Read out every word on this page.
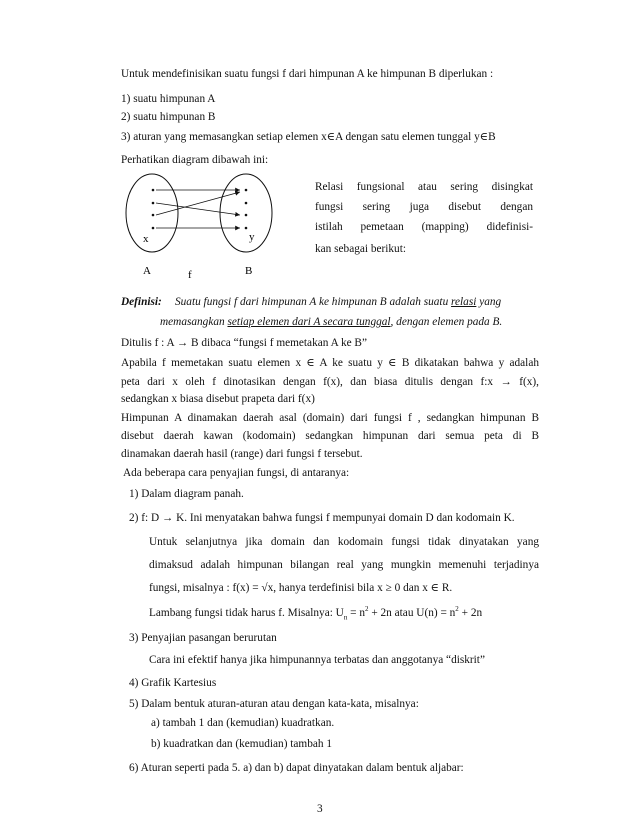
Untuk mendefinisikan suatu fungsi f dari himpunan A ke himpunan B diperlukan :
1) suatu himpunan A
2) suatu himpunan B
3) aturan yang memasangkan setiap elemen x∈A dengan satu elemen tunggal y∈B
Perhatikan diagram dibawah ini:
x	y
A	B
f
Relasi fungsional atau sering disingkat
fungsi sering juga disebut dengan
istilah pemetaan (mapping) didefinisi-
kan sebagai berikut:
Definisi: Suatu fungsi f dari himpunan A ke himpunan B adalah suatu relasi yang
memasangkan setiap elemen dari A secara tunggal, dengan elemen pada B.
Ditulis f : A → B dibaca “fungsi f memetakan A ke B”
Apabila f memetakan suatu elemen x ∈ A ke suatu y ∈ B dikatakan bahwa y adalah
peta dari x oleh f dinotasikan dengan f(x), dan biasa ditulis dengan f:x → f(x),
sedangkan x biasa disebut prapeta dari f(x)
Himpunan A dinamakan daerah asal (domain) dari fungsi f , sedangkan himpunan B
disebut daerah kawan (kodomain) sedangkan himpunan dari semua peta di B
dinamakan daerah hasil (range) dari fungsi f tersebut.
Ada beberapa cara penyajian fungsi, di antaranya:
1) Dalam diagram panah.
2) f: D → K. Ini menyatakan bahwa fungsi f mempunyai domain D dan kodomain K.
Untuk selanjutnya jika domain dan kodomain fungsi tidak dinyatakan yang
dimaksud adalah himpunan bilangan real yang mungkin memenuhi terjadinya
fungsi, misalnya : f(x) = √x, hanya terdefinisi bila x ≥ 0 dan x ∈ R.
Lambang fungsi tidak harus f. Misalnya: $U_n = n^2 + 2n$ atau $U(n) = n^2 + 2n$
3) Penyajian pasangan berurutan
Cara ini efektif hanya jika himpunannya terbatas dan anggotanya “diskrit”
4) Grafik Kartesius
5) Dalam bentuk aturan-aturan atau dengan kata-kata, misalnya:
a) tambah 1 dan (kemudian) kuadratkan.
b) kuadratkan dan (kemudian) tambah 1
6) Aturan seperti pada 5. a) dan b) dapat dinyatakan dalam bentuk aljabar:
3
